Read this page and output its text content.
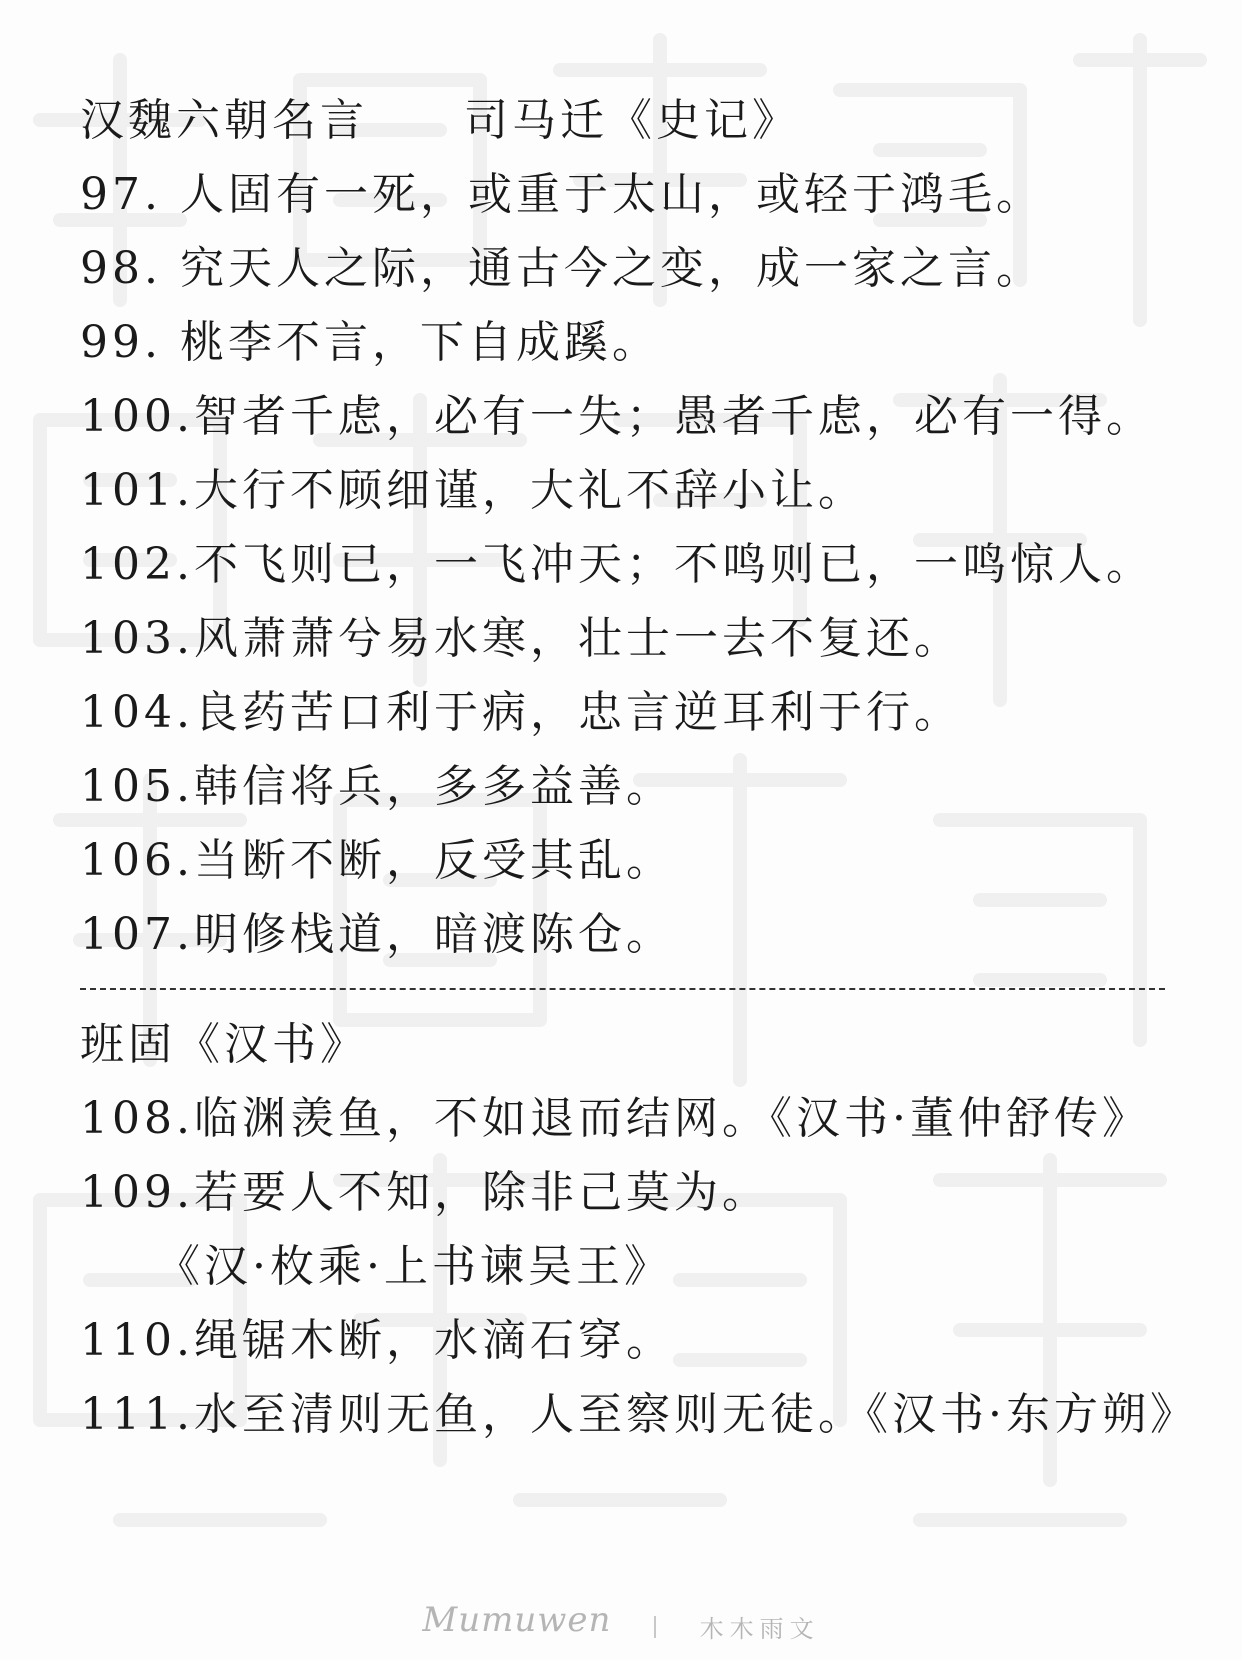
汉魏六朝名言　　司马迁《史记》
97. 人固有一死，或重于太山，或轻于鸿毛。
98. 究天人之际，通古今之变，成一家之言。
99. 桃李不言，下自成蹊。
100.智者千虑，必有一失；愚者千虑，必有一得。
101.大行不顾细谨，大礼不辞小让。
102.不飞则已，一飞冲天；不鸣则已，一鸣惊人。
103.风萧萧兮易水寒，壮士一去不复还。
104.良药苦口利于病，忠言逆耳利于行。
105.韩信将兵，多多益善。
106.当断不断，反受其乱。
107.明修栈道，暗渡陈仓。
班固《汉书》
108.临渊羡鱼，不如退而结网。《汉书·董仲舒传》
109.若要人不知，除非己莫为。
《汉·枚乘·上书谏吴王》
110.绳锯木断，水滴石穿。
111.水至清则无鱼，人至察则无徒。《汉书·东方朔》
Mumuwen	木木雨文
